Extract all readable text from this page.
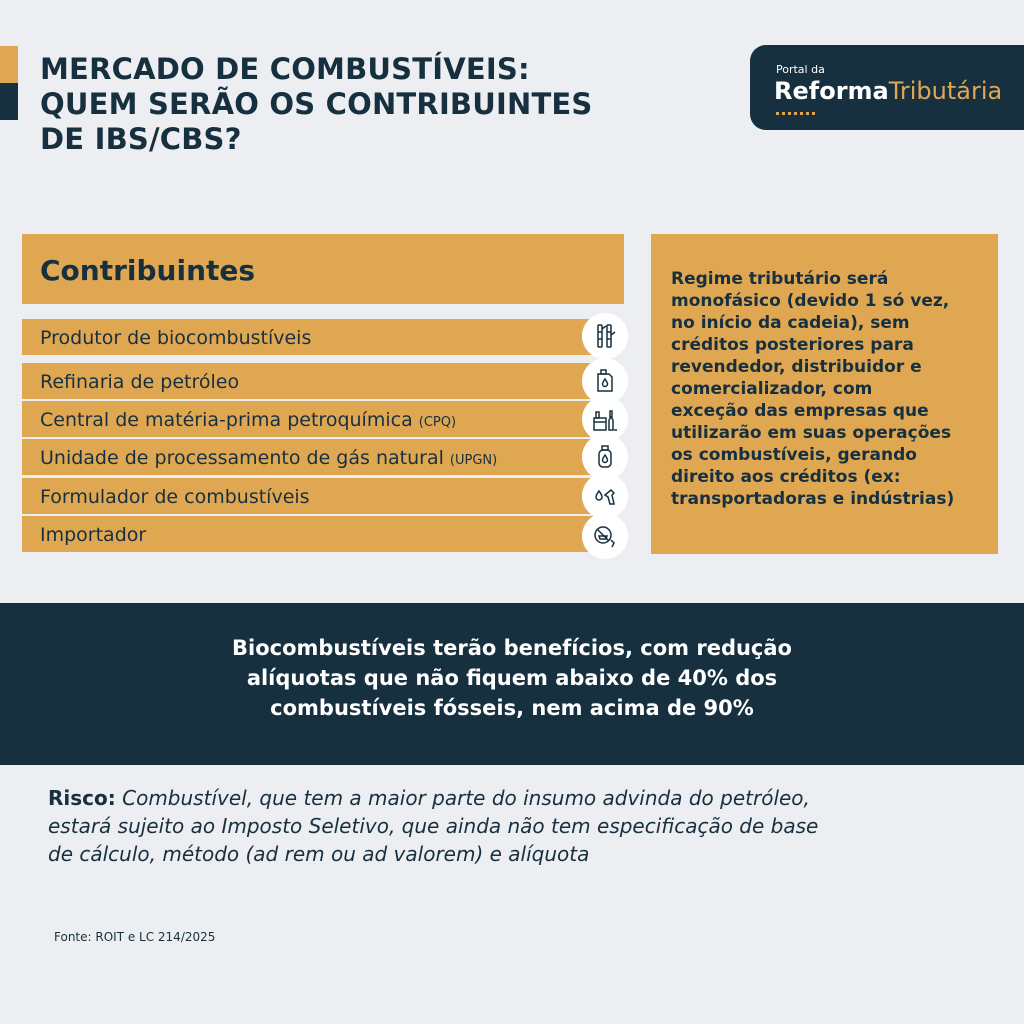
MERCADO DE COMBUSTÍVEIS:
QUEM SERÃO OS CONTRIBUINTES
DE IBS/CBS?
Portal da
ReformaTributária
Contribuintes
Produtor de biocombustíveis
Refinaria de petróleo
Central de matéria-prima petroquímica (CPQ)
Unidade de processamento de gás natural (UPGN)
Formulador de combustíveis
Importador
Regime tributário será
monofásico (devido 1 só vez,
no início da cadeia), sem
créditos posteriores para
revendedor, distribuidor e
comercializador, com
exceção das empresas que
utilizarão em suas operações
os combustíveis, gerando
direito aos créditos (ex:
transportadoras e indústrias)
Biocombustíveis terão benefícios, com redução
alíquotas que não fiquem abaixo de 40% dos
combustíveis fósseis, nem acima de 90%
Risco: Combustível, que tem a maior parte do insumo advinda do petróleo,
estará sujeito ao Imposto Seletivo, que ainda não tem especificação de base
de cálculo, método (ad rem ou ad valorem) e alíquota
Fonte: ROIT e LC 214/2025
